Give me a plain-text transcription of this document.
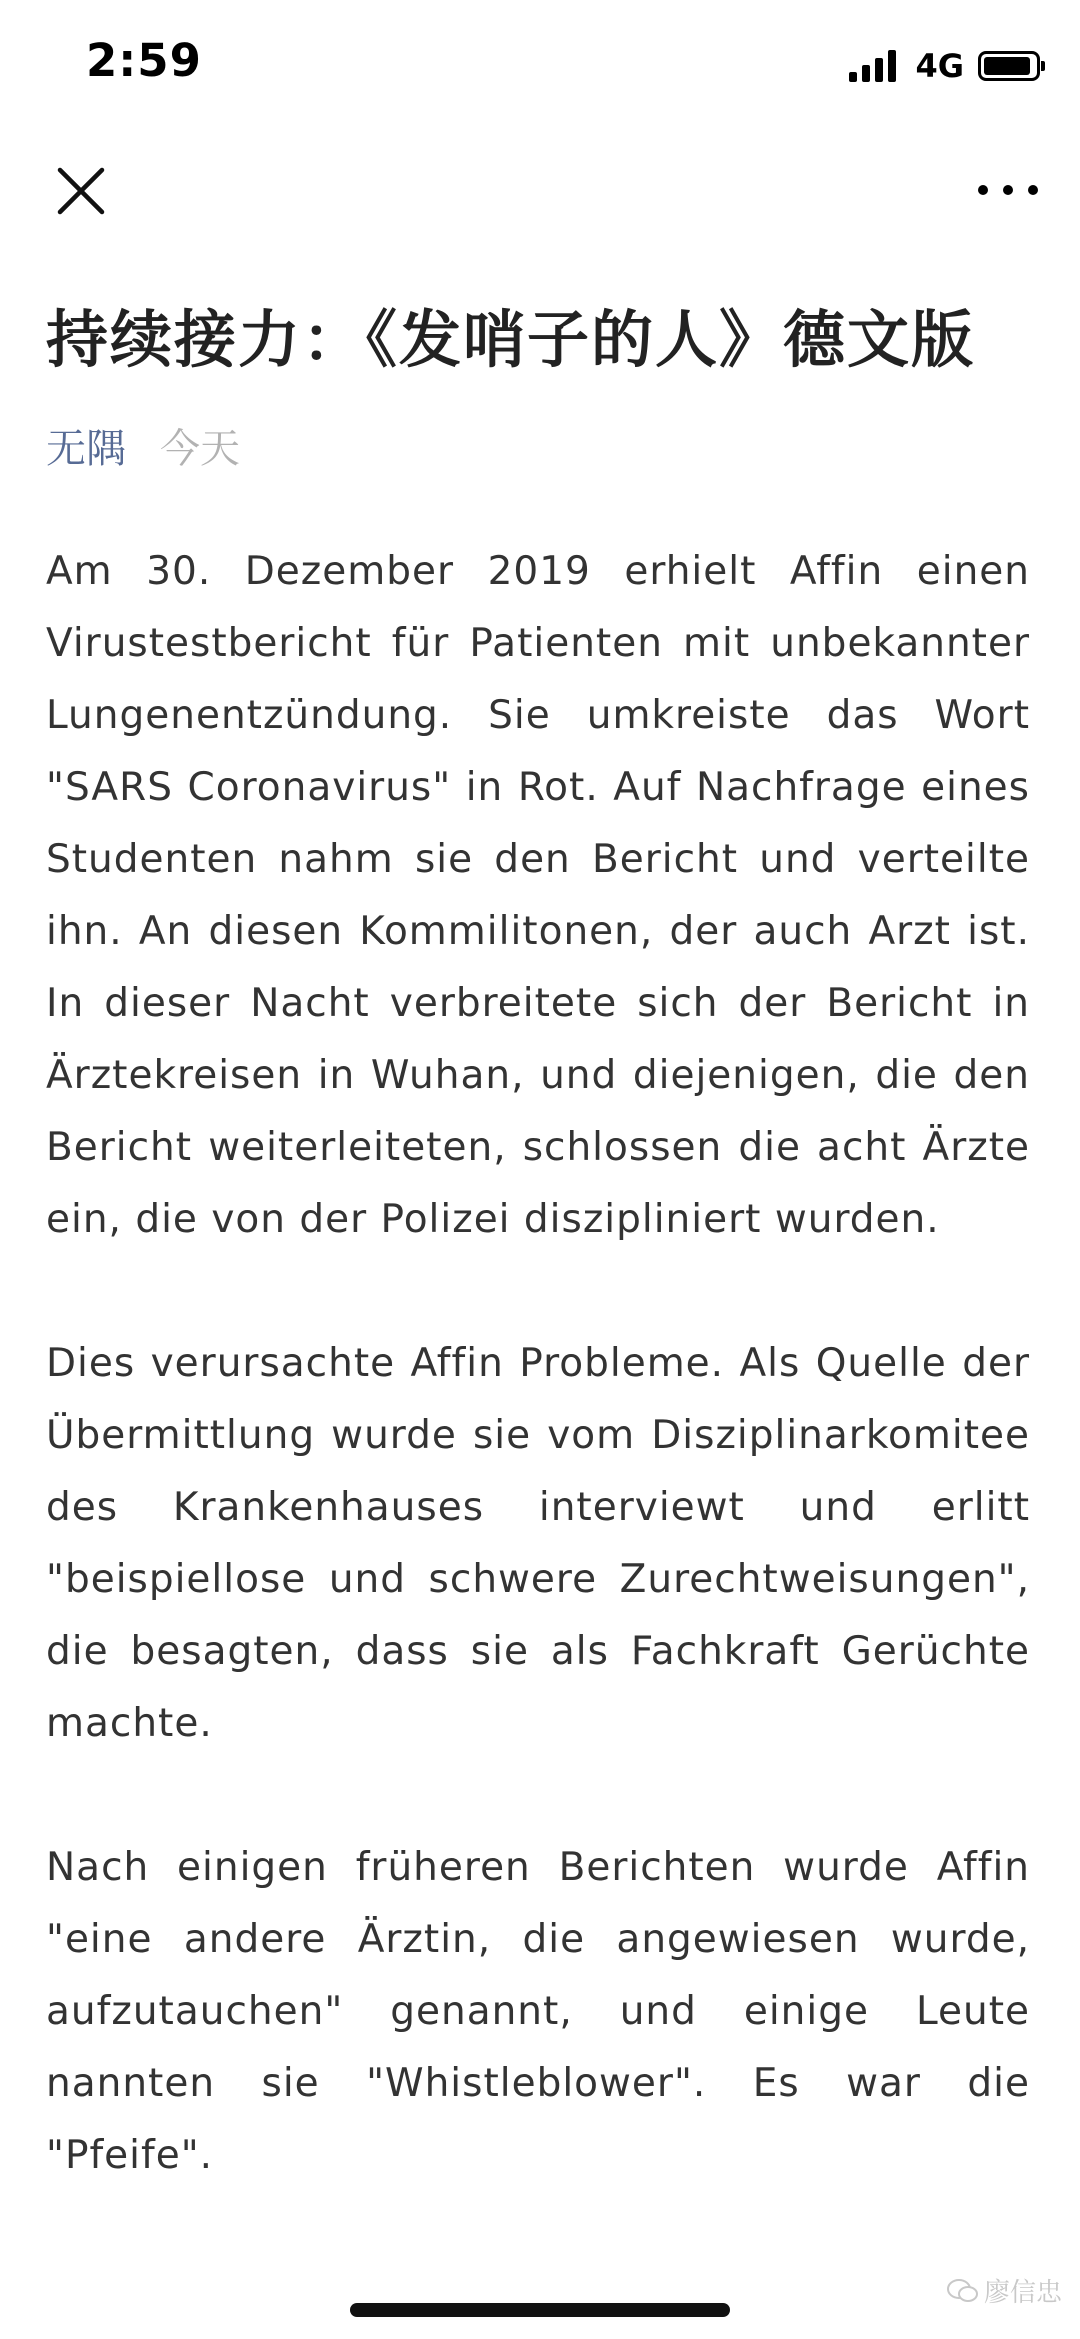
2:59	4G
持续接力：《发哨子的人》德文版
无隅 今天

Am 30. Dezember 2019 erhielt Affin einen Virustestbericht für Patienten mit unbekannter Lungenentzündung. Sie umkreiste das Wort "SARS Coronavirus" in Rot. Auf Nachfrage eines Studenten nahm sie den Bericht und verteilte ihn. An diesen Kommilitonen, der auch Arzt ist. In dieser Nacht verbreitete sich der Bericht in Ärztekreisen in Wuhan, und diejenigen, die den Bericht weiterleiteten, schlossen die acht Ärzte ein, die von der Polizei diszipliniert wurden.

Dies verursachte Affin Probleme. Als Quelle der Übermittlung wurde sie vom Disziplinarkomitee des Krankenhauses interviewt und erlitt "beispiellose und schwere Zurechtweisungen", die besagten, dass sie als Fachkraft Gerüchte machte.

Nach einigen früheren Berichten wurde Affin "eine andere Ärztin, die angewiesen wurde, aufzutauchen" genannt, und einige Leute nannten sie "Whistleblower". Es war die "Pfeife".

廖信忠
